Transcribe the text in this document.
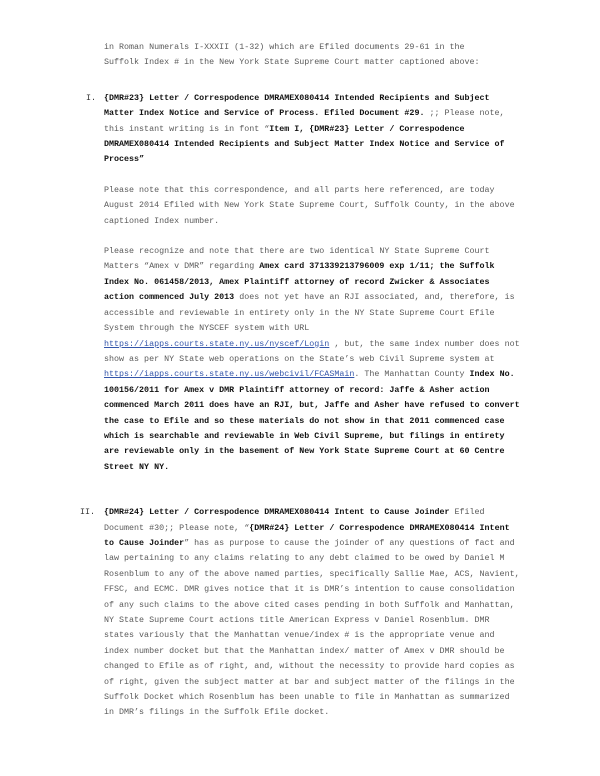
in Roman Numerals I-XXXII (1-32) which are Efiled documents 29-61 in the

Suffolk Index # in the New York State Supreme Court matter captioned above:

I. {DMR#23} Letter / Correspodence DMRAMEX080414 Intended Recipients and Subject Matter Index Notice and Service of Process. Efiled Document #29. ;; Please note, this instant writing is in font “Item I, {DMR#23} Letter / Correspodence DMRAMEX080414 Intended Recipients and Subject Matter Index Notice and Service of Process”

Please note that this correspondence, and all parts here referenced, are today August 2014 Efiled with New York State Supreme Court, Suffolk County, in the above captioned Index number.

Please recognize and note that there are two identical NY State Supreme Court Matters “Amex v DMR” regarding Amex card 371339213796009 exp 1/11; the Suffolk Index No. 061458/2013, Amex Plaintiff attorney of record Zwicker & Associates action commenced July 2013 does not yet have an RJI associated, and, therefore, is accessible and reviewable in entirety only in the NY State Supreme Court Efile System through the NYSCEF system with URL https://iapps.courts.state.ny.us/nyscef/Login , but, the same index number does not show as per NY State web operations on the State’s web Civil Supreme system at https://iapps.courts.state.ny.us/webcivil/FCASMain. The Manhattan County Index No. 100156/2011 for Amex v DMR Plaintiff attorney of record: Jaffe & Asher action commenced March 2011 does have an RJI, but, Jaffe and Asher have refused to convert the case to Efile and so these materials do not show in that 2011 commenced case which is searchable and reviewable in Web Civil Supreme, but filings in entirety are reviewable only in the basement of New York State Supreme Court at 60 Centre Street NY NY.

II. {DMR#24} Letter / Correspodence DMRAMEX080414 Intent to Cause Joinder Efiled Document #30;; Please note, “{DMR#24} Letter / Correspodence DMRAMEX080414 Intent to Cause Joinder” has as purpose to cause the joinder of any questions of fact and law pertaining to any claims relating to any debt claimed to be owed by Daniel M Rosenblum to any of the above named parties, specifically Sallie Mae, ACS, Navient, FFSC, and ECMC. DMR gives notice that it is DMR’s intention to cause consolidation of any such claims to the above cited cases pending in both Suffolk and Manhattan, NY State Supreme Court actions title American Express v Daniel Rosenblum. DMR states variously that the Manhattan venue/index # is the appropriate venue and index number docket but that the Manhattan index/ matter of Amex v DMR should be changed to Efile as of right, and, without the necessity to provide hard copies as of right, given the subject matter at bar and subject matter of the filings in the Suffolk Docket which Rosenblum has been unable to file in Manhattan as summarized in DMR’s filings in the Suffolk Efile docket.
